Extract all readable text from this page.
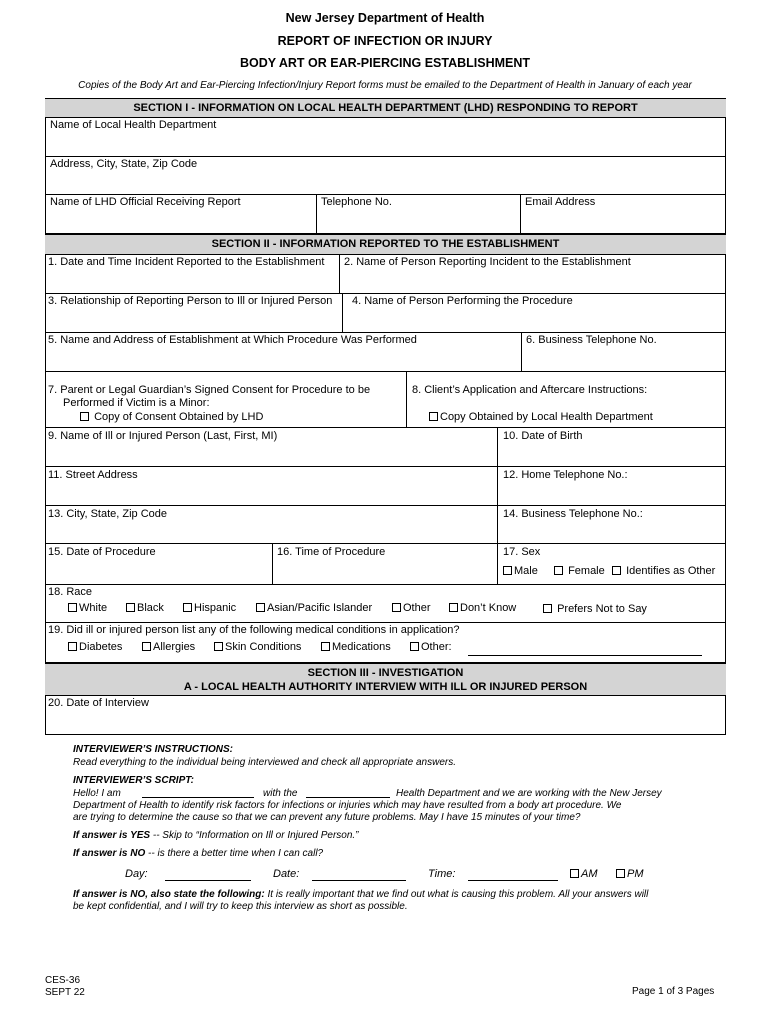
New Jersey Department of Health
REPORT OF INFECTION OR INJURY
BODY ART OR EAR-PIERCING ESTABLISHMENT
Copies of the Body Art and Ear-Piercing Infection/Injury Report forms must be emailed to the Department of Health in January of each year
SECTION I - INFORMATION ON LOCAL HEALTH DEPARTMENT (LHD) RESPONDING TO REPORT
Name of Local Health Department
Address, City, State, Zip Code
Name of LHD Official Receiving Report	Telephone No.	Email Address
SECTION II - INFORMATION REPORTED TO THE ESTABLISHMENT
1. Date and Time Incident Reported to the Establishment 2. Name of Person Reporting Incident to the Establishment
3. Relationship of Reporting Person to Ill or Injured Person 4. Name of Person Performing the Procedure
5. Name and Address of Establishment at Which Procedure Was Performed	6. Business Telephone No.
7. Parent or Legal Guardian’s Signed Consent for Procedure to be
Performed if Victim is a Minor:
Copy of Consent Obtained by LHD
8. Client’s Application and Aftercare Instructions:
Copy Obtained by Local Health Department
9. Name of Ill or Injured Person (Last, First, MI)	10. Date of Birth
11. Street Address	12. Home Telephone No.:
13. City, State, Zip Code	14. Business Telephone No.:
15. Date of Procedure	16. Time of Procedure	17. Sex
Male	Female	Identifies as Other
18. Race
White	Black	Hispanic	Asian/Pacific Islander	Other	Don’t Know	Prefers Not to Say
19. Did ill or injured person list any of the following medical conditions in application?
Diabetes	Allergies	Skin Conditions	Medications	Other:
SECTION III - INVESTIGATION
A - LOCAL HEALTH AUTHORITY INTERVIEW WITH ILL OR INJURED PERSON
20. Date of Interview
INTERVIEWER’S INSTRUCTIONS:
Read everything to the individual being interviewed and check all appropriate answers.
INTERVIEWER’S SCRIPT:
Hello! I am	with the	Health Department and we are working with the New Jersey
Department of Health to identify risk factors for infections or injuries which may have resulted from a body art procedure. We
are trying to determine the cause so that we can prevent any future problems. May I have 15 minutes of your time?
If answer is YES -- Skip to “Information on Ill or Injured Person.”
If answer is NO -- is there a better time when I can call?
Day:	Date:	Time:	AM	PM
If answer is NO, also state the following: It is really important that we find out what is causing this problem. All your answers will
be kept confidential, and I will try to keep this interview as short as possible.
CES-36
SEPT 22	Page 1 of 3 Pages
